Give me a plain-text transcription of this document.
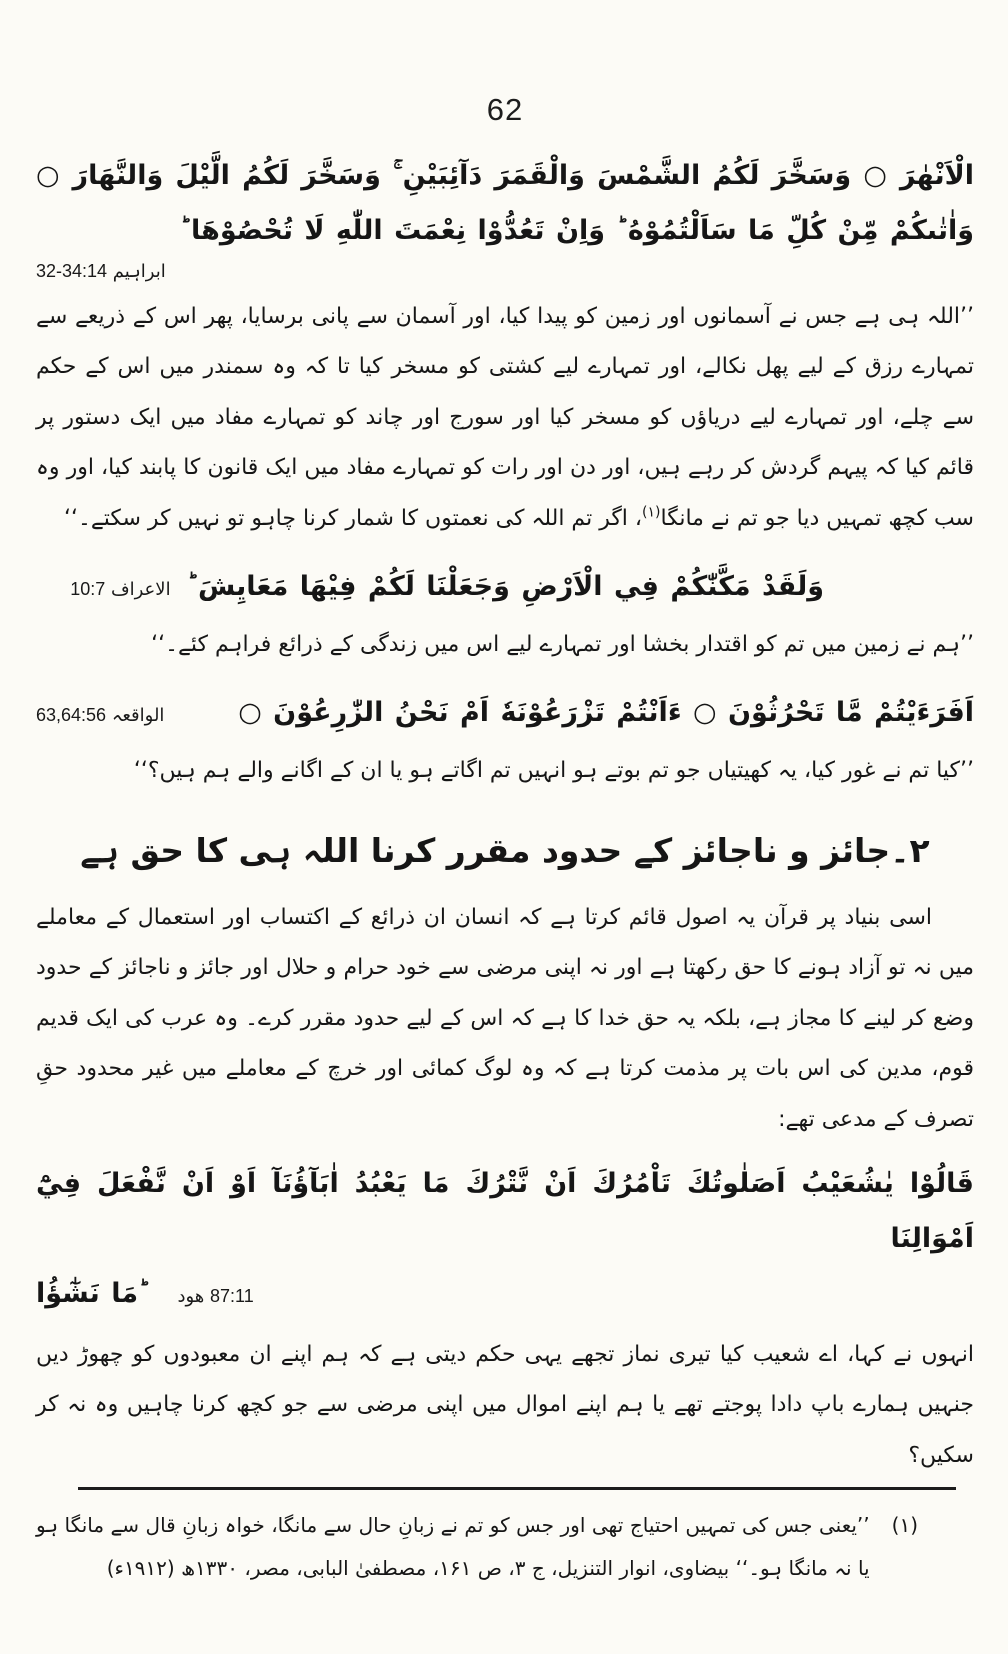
62

الْاَنْهٰرَ ○ وَسَخَّرَ لَكُمُ الشَّمْسَ وَالْقَمَرَ دَآئِبَيْنِ ۚ وَسَخَّرَ لَكُمُ الَّيْلَ وَالنَّهَارَ ○ وَاٰتٰىكُمْ مِّنْ كُلِّ مَا سَاَلْتُمُوْهُ ؕ وَاِنْ تَعُدُّوْا نِعْمَتَ اللّٰهِ لَا تُحْصُوْهَا ؕ

ابراہیم 32-34:14

’’اللہ ہی ہے جس نے آسمانوں اور زمین کو پیدا کیا، اور آسمان سے پانی برسایا، پھر اس کے ذریعے سے تمہارے رزق کے لیے پھل نکالے، اور تمہارے لیے کشتی کو مسخر کیا تا کہ وہ سمندر میں اس کے حکم سے چلے، اور تمہارے لیے دریاؤں کو مسخر کیا اور سورج اور چاند کو تمہارے مفاد میں ایک دستور پر قائم کیا کہ پیہم گردش کر رہے ہیں، اور دن اور رات کو تمہارے مفاد میں ایک قانون کا پابند کیا، اور وہ سب کچھ تمہیں دیا جو تم نے مانگا$^{(۱)}$، اگر تم اللہ کی نعمتوں کا شمار کرنا چاہو تو نہیں کر سکتے۔‘‘

وَلَقَدْ مَكَّنّٰكُمْ فِي الْاَرْضِ وَجَعَلْنَا لَكُمْ فِيْهَا مَعَايِشَ ؕ
الاعراف 10:7

’’ہم نے زمین میں تم کو اقتدار بخشا اور تمہارے لیے اس میں زندگی کے ذرائع فراہم کئے۔‘‘

اَفَرَءَيْتُمْ مَّا تَحْرُثُوْنَ ○ ءَاَنْتُمْ تَزْرَعُوْنَهٗ اَمْ نَحْنُ الزّٰرِعُوْنَ ○
الواقعہ 63,64:56

’’کیا تم نے غور کیا، یہ کھیتیاں جو تم بوتے ہو انہیں تم اگاتے ہو یا ان کے اگانے والے ہم ہیں؟‘‘

۲۔جائز و ناجائز کے حدود مقرر کرنا اللہ ہی کا حق ہے

اسی بنیاد پر قرآن یہ اصول قائم کرتا ہے کہ انسان ان ذرائع کے اکتساب اور استعمال کے معاملے میں نہ تو آزاد ہونے کا حق رکھتا ہے اور نہ اپنی مرضی سے خود حرام و حلال اور جائز و ناجائز کے حدود وضع کر لینے کا مجاز ہے، بلکہ یہ حق خدا کا ہے کہ اس کے لیے حدود مقرر کرے۔ وہ عرب کی ایک قدیم قوم، مدین کی اس بات پر مذمت کرتا ہے کہ وہ لوگ کمائی اور خرچ کے معاملے میں غیر محدود حقِ تصرف کے مدعی تھے:

قَالُوْا يٰشُعَيْبُ اَصَلٰوتُكَ تَاْمُرُكَ اَنْ نَّتْرُكَ مَا يَعْبُدُ اٰبَآؤُنَآ اَوْ اَنْ نَّفْعَلَ فِيْٓ اَمْوَالِنَا

مَا نَشٰٓؤُا ؕ هود 87:11

انہوں نے کہا، اے شعیب کیا تیری نماز تجھے یہی حکم دیتی ہے کہ ہم اپنے ان معبودوں کو چھوڑ دیں جنہیں ہمارے باپ دادا پوجتے تھے یا ہم اپنے اموال میں اپنی مرضی سے جو کچھ کرنا چاہیں وہ نہ کر سکیں؟

(۱)

’’یعنی جس کی تمہیں احتیاج تھی اور جس کو تم نے زبانِ حال سے مانگا، خواہ زبانِ قال سے مانگا ہو یا نہ مانگا ہو۔‘‘ بیضاوی، انوار التنزیل، ج ۳، ص ۱۶۱، مصطفیٰ البابی، مصر، ۱۳۳۰ھ (۱۹۱۲ء)
